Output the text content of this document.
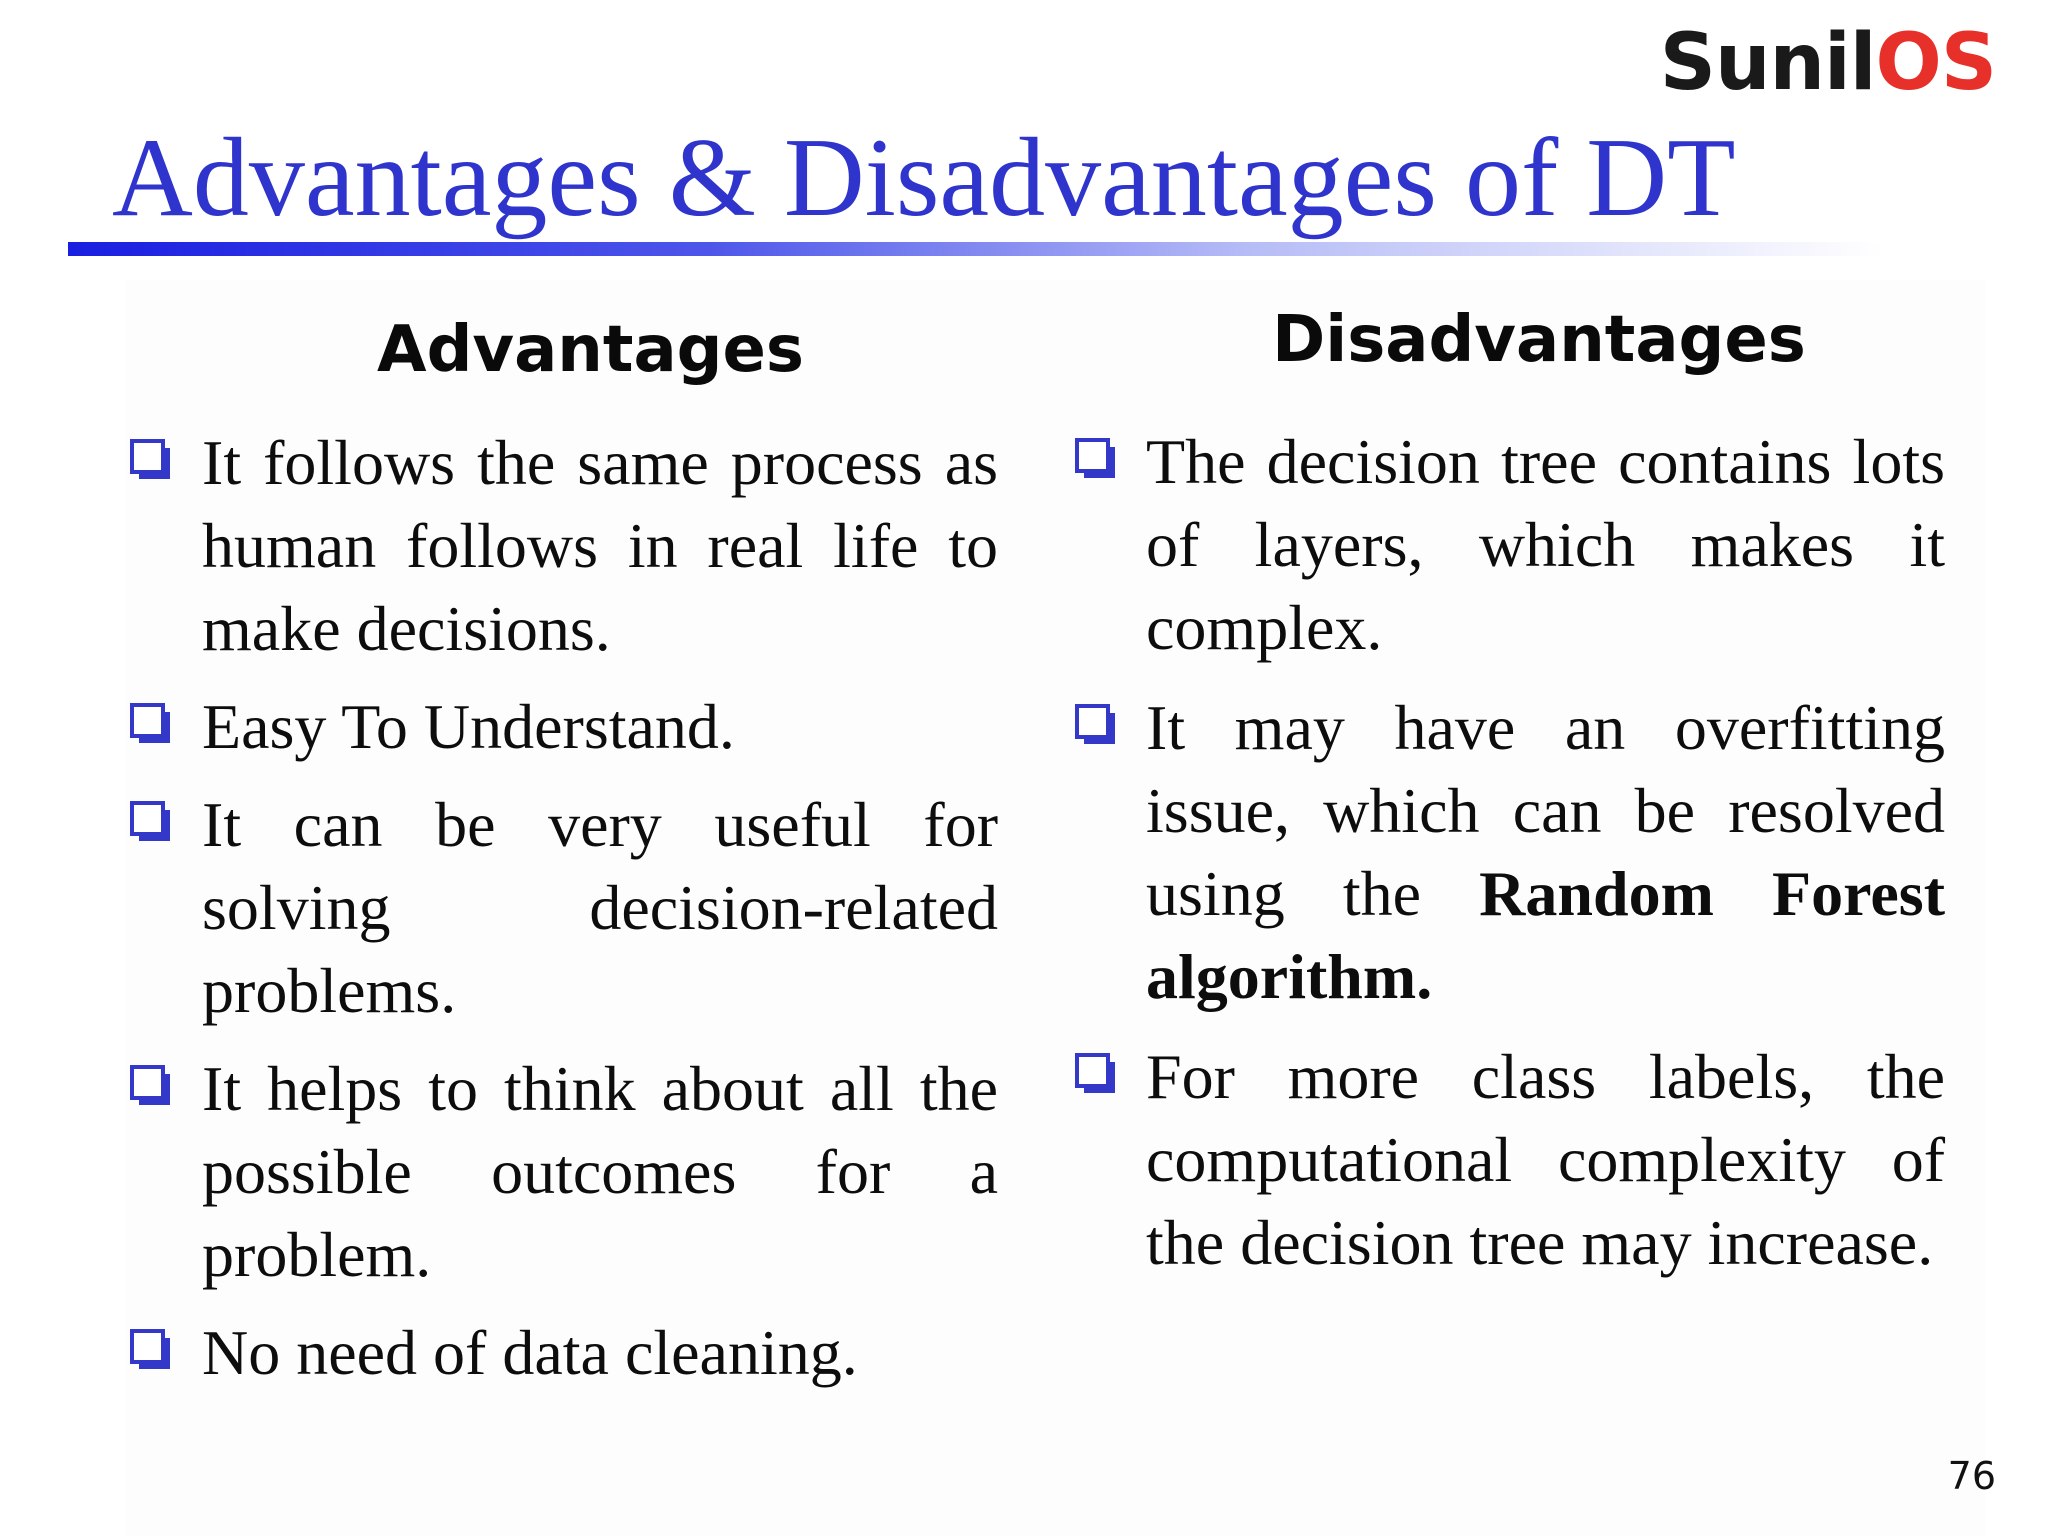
SunilOS
Advantages & Disadvantages of DT
Advantages
It follows the same process as human follows in real life to make decisions.
Easy To Understand.
It can be very useful for solving decision-related problems.
It helps to think about all the possible outcomes for a problem.
No need of data cleaning.
Disadvantages
The decision tree contains lots of layers, which makes it complex.
It may have an overfitting issue, which can be resolved using the Random Forest algorithm.
For more class labels, the computational complexity of the decision tree may increase.
76
